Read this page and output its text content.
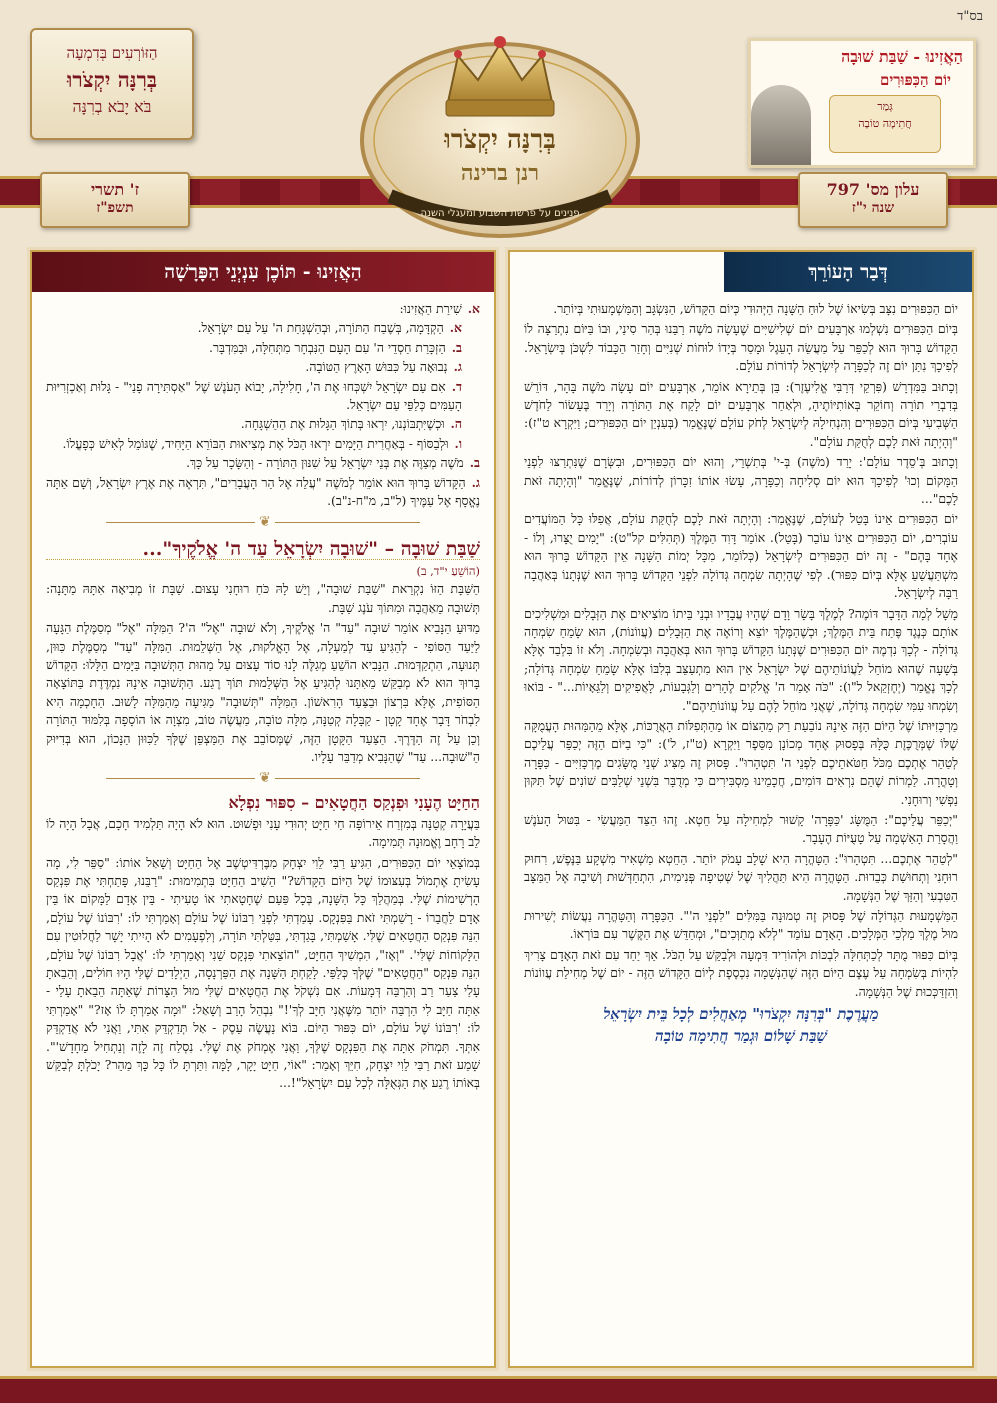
בס"ד
הַזּוֹרְעִים בְּדִמְעָה
בְּרִנָּה יִקְצֹרוּ
בֹּא יָבֹא בְרִנָּה
בְּרִנָּה יִקְצֹרוּ
רנן ברינה
פנינים על פרשת השבוע ומעגלי השנה
הַאֲזִינוּ - שַׁבַּת שׁוּבָה
יוֹם הַכִּפּוּרִים
גְּמַר
חֲתִימָה טוֹבָה
ז' תשרי
תשפ"ז
עלון מס' 797
שנה י"ז
הַאֲזִינוּ - תּוֹכֶן עִנְיְנֵי הַפָּרָשָׁה
א.שִׁירַת הַאֲזִינוּ:
א.הַקְדָּמָה, בְּשֶׁבַח הַתּוֹרָה, וּבְהַשְׁגָּחַת ה' עַל עַם יִשְׂרָאֵל.
ב.הַזְכָּרַת חַסְדֵי ה' עִם הָעָם הַנִּבְחָר מִתְּחִלָּה, וּבַמִּדְבָּר.
ג.נְבוּאָה עַל כִּבּוּשׁ הָאָרֶץ הַטּוֹבָה.
ד.אִם עַם יִשְׂרָאֵל יִשְׁכְּחוּ אֶת ה', חָלִילָה, יָבוֹא הָעֹנֶשׁ שֶׁל "אַסְתִּירָה פָנַי" - גָּלוּת וְאַכְזְרִיּוּת הָעַמִּים כְּלַפֵּי עַם יִשְׂרָאֵל.
ה.וּכְשֶׁיִּתְבּוֹנְנוּ, יִרְאוּ בְּתוֹךְ הַגָּלוּת אֶת הַהַשְׁגָּחָה.
ו.וּלְבַסּוֹף - בְּאַחֲרִית הַיָּמִים יִרְאוּ הַכֹּל אֶת מְצִיאוּת הַבּוֹרֵא הַיָּחִיד, שֶׁגּוֹמֵל לְאִישׁ כְּפָעֳלוֹ.
ב.מֹשֶׁה מְצַוֶּה אֶת בְּנֵי יִשְׂרָאֵל עַל שִׁנּוּן הַתּוֹרָה - וְהַשָּׂכָר עַל כָּךְ.
ג.הַקָּדוֹשׁ בָּרוּךְ הוּא אוֹמֵר לְמֹשֶׁה "עֲלֵה אֶל הַר הָעֲבָרִים", תִּרְאֶה אֶת אֶרֶץ יִשְׂרָאֵל, וְשָׁם אַתָּה נֶאֱסָף אֶל עַמֶּיךָ (ל"ב, מ"ח-נ"ב).
❦
שַׁבַּת שׁוּבָה – "שׁוּבָה יִשְׂרָאֵל עַד ה' אֱלֹקֶיךָ"...
(הוֹשֵׁעַ י"ד, ב)

הַשַּׁבָּת הַזּוֹ נִקְרֵאת "שַׁבַּת שׁוּבָה", וְיֵשׁ לָהּ כֹּחַ רוּחָנִי עָצוּם. שַׁבָּת זוֹ מְבִיאָה אִתָּהּ מַתָּנָה: תְּשׁוּבָה מֵאַהֲבָה וּמִתּוֹךְ עֹנֶג שַׁבָּת.

מַדּוּעַ הַנָּבִיא אוֹמֵר שׁוּבָה "עַד" ה' אֱלֹקֶיךָ, וְלֹא שׁוּבָה "אֶל" ה'? הַמִּלָּה "אֶל" מְסַמֶּלֶת הַגָּעָה לַיַּעַד הַסּוֹפִי - לְהַגִּיעַ עַד לְמַעְלָה, אֶל הָאֱלֹקוּת, אֶל הַשְּׁלֵמוּת. הַמִּלָּה "עַד" מְסַמֶּלֶת כִּוּוּן, תְּנוּעָה, הִתְקַדְּמוּת. הַנָּבִיא הוֹשֵׁעַ מְגַלֶּה לָנוּ סוֹד עָצוּם עַל מַהוּת הַתְּשׁוּבָה בַּיָּמִים הַלָּלוּ: הַקָּדוֹשׁ בָּרוּךְ הוּא לֹא מְבַקֵּשׁ מֵאִתָּנוּ לְהַגִּיעַ אֶל הַשְּׁלֵמוּת תּוֹךְ רֶגַע. הַתְּשׁוּבָה אֵינָהּ נִמְדֶּדֶת בַּתּוֹצָאָה הַסּוֹפִית, אֶלָּא בִּרְצוֹן וּבַצַּעַד הָרִאשׁוֹן. הַמִּלָּה "תְּשׁוּבָה" מַגִּיעָה מֵהַמִּלָּה לָשׁוּב. הַחָכְמָה הִיא לִבְחֹר דָּבָר אֶחָד קָטָן - קַבָּלָה קְטַנָּה, מִלָּה טוֹבָה, מַעֲשֶׂה טוֹב, מִצְוָה אוֹ הוֹסָפָה בְּלִמּוּד הַתּוֹרָה וְכֵן עַל זֶה הַדֶּרֶךְ. הַצַּעַד הַקָּטָן הַזֶּה, שֶׁמְּסוֹבֵב אֶת הַמַּצְפֵּן שֶׁלְּךָ לַכִּוּוּן הַנָּכוֹן, הוּא בְּדִיּוּק הַ"שׁוּבָה... עַד" שֶׁהַנָּבִיא מְדַבֵּר עָלָיו.

❦
הַחַיָּט הֶעָנִי וּפִנְקַס הַחֲטָאִים – סִפּוּר נִפְלָא

בַּעֲיָרָה קְטַנָּה בְּמִזְרַח אֵירוֹפָּה חַי חַיָּט יְהוּדִי עָנִי וּפָשׁוּט. הוּא לֹא הָיָה תַּלְמִיד חָכָם, אֲבָל הָיָה לוֹ לֵב רָחָב וֶאֱמוּנָה תְּמִימָה.

בְּמוֹצָאֵי יוֹם הַכִּפּוּרִים, הִגִּיעַ רַבִּי לֵוִי יִצְחָק מִבֶּרְדִּיטְשֶׁב אֶל הַחַיָּט וְשָׁאַל אוֹתוֹ: "סַפֵּר לִי, מָה עָשִׂיתָ אֶתְמוֹל בְּעִצּוּמוֹ שֶׁל הַיּוֹם הַקָּדוֹשׁ?" הֵשִׁיב הַחַיָּט בִּתְמִימוּת: "רַבֵּנוּ, פָּתַחְתִּי אֶת פִּנְקַס הָרְשִׁימוֹת שֶׁלִּי. בְּמַהֲלַךְ כָּל הַשָּׁנָה, בְּכָל פַּעַם שֶׁחָטָאתִי אוֹ טָעִיתִי - בֵּין אָדָם לַמָּקוֹם אוֹ בֵּין אָדָם לַחֲבֵרוֹ - רָשַׁמְתִּי זֹאת בַּפִּנְקָס. עָמַדְתִּי לִפְנֵי רִבּוֹנוֹ שֶׁל עוֹלָם וְאָמַרְתִּי לוֹ: 'רִבּוֹנוֹ שֶׁל עוֹלָם, הִנֵּה פִּנְקַס הַחֲטָאִים שֶׁלִּי. אָשַׁמְתִּי, בָּגַדְתִּי, בִּטַּלְתִּי תּוֹרָה, וְלִפְעָמִים לֹא הָיִיתִי יָשָׁר לַחֲלוּטִין עִם הַלָּקוֹחוֹת שֶׁלִּי'. "וְאָז", הִמְשִׁיךְ הַחַיָּט, "הוֹצֵאתִי פִּנְקָס שֵׁנִי וְאָמַרְתִּי לוֹ: 'אֲבָל רִבּוֹנוֹ שֶׁל עוֹלָם, הִנֵּה פִּנְקַס "הַחֲטָאִים" שֶׁלְּךָ כְּלַפַּי. לָקַחְתָּ הַשָּׁנָה אֶת הַפַּרְנָסָה, הַיְלָדִים שֶׁלִּי הָיוּ חוֹלִים, וְהֵבֵאתָ עָלַי צַעַר רַב וְהַרְבֵּה דְּמָעוֹת. אִם נִשְׁקֹל אֶת הַחֲטָאִים שֶׁלִּי מוּל הַצָּרוֹת שֶׁאַתָּה הֵבֵאתָ עָלַי - אַתָּה חַיָּב לִי הַרְבֵּה יוֹתֵר מִשֶּׁאֲנִי חַיָּב לְךָ'!" נִבְהַל הָרַב וְשָׁאַל: "וּמָה אָמַרְתָּ לוֹ אָז?" "אָמַרְתִּי לוֹ: 'רִבּוֹנוֹ שֶׁל עוֹלָם, יוֹם כִּפּוּר הַיּוֹם. בּוֹא נַעֲשֶׂה עֵסֶק - אַל תְּדַקְדֵּק אִתִּי, וַאֲנִי לֹא אֲדַקְדֵּק אִתְּךָ. תִּמְחֹק אַתָּה אֶת הַפִּנְקָס שֶׁלְּךָ, וַאֲנִי אֶמְחֹק אֶת שֶׁלִּי. נִסְלַח זֶה לָזֶה וְנַתְחִיל מֵחָדָשׁ'". שָׁמַע זֹאת רַבִּי לֵוִי יִצְחָק, חִיֵּךְ וְאָמַר: "אוֹי, חַיָּט יָקָר, לָמָּה וִתַּרְתָּ לוֹ כָּל כָּךְ מַהֵר? יָכֹלְתָּ לְבַקֵּשׁ בְּאוֹתוֹ רֶגַע אֶת הַגְּאֻלָּה לְכָל עַם יִשְׂרָאֵל"!...

דְּבַר הָעוֹרֵךְ

יוֹם הַכִּפּוּרִים נִצָּב בְּשִׂיאוֹ שֶׁל לוּחַ הַשָּׁנָה הַיְּהוּדִי כְּיוֹם הַקָּדוֹשׁ, הַנִּשְׂגָּב וְהַמַּשְׁמָעוּתִי בְּיוֹתֵר.

בְּיוֹם הַכִּפּוּרִים נִשְׁלְמוּ אַרְבָּעִים יוֹם שְׁלִישִׁיִּים שֶׁעָשָׂה מֹשֶׁה רַבֵּנוּ בְּהַר סִינַי, וּבוֹ בַּיּוֹם נִתְרַצָּה לוֹ הַקָּדוֹשׁ בָּרוּךְ הוּא לְכַפֵּר עַל מַעֲשֵׂה הָעֵגֶל וּמָסַר בְּיָדוֹ לוּחוֹת שְׁנִיִּים וְחָזַר הַכָּבוֹד לִשְׁכֹּן בְּיִשְׂרָאֵל. לְפִיכָךְ נִתַּן יוֹם זֶה לְכַפָּרָה לְיִשְׂרָאֵל לְדוֹרוֹת עוֹלָם.

וְכָתוּב בַּמִּדְרָשׁ (פִּרְקֵי דְּרַבִּי אֱלִיעֶזֶר): בֵּן בְּתֵירָא אוֹמֵר, אַרְבָּעִים יוֹם עָשָׂה מֹשֶׁה בָּהָר, דּוֹרֵשׁ בְּדִבְרֵי תוֹרָה וְחוֹקֵר בְּאוֹתִיּוֹתֶיהָ, וּלְאַחַר אַרְבָּעִים יוֹם לָקַח אֶת הַתּוֹרָה וְיָרַד בֶּעָשׂוֹר לַחֹדֶשׁ הַשְּׁבִיעִי בְּיוֹם הַכִּפּוּרִים וְהִנְחִילָהּ לְיִשְׂרָאֵל לְחֹק עוֹלָם שֶׁנֶּאֱמַר (בְּעִנְיַן יוֹם הַכִּפּוּרִים; וַיִּקְרָא ט"ז): "וְהָיְתָה זֹּאת לָכֶם לְחֻקַּת עוֹלָם".

וְכָתוּב בְּ'סֵדֶר עוֹלָם': יָרַד (מֹשֶׁה) בְּ-י' בְּתִשְׁרֵי, וְהוּא יוֹם הַכִּפּוּרִים, וּבִשְּׂרָם שֶׁנִּתְרַצּוּ לִפְנֵי הַמָּקוֹם וְכוּ' לְפִיכָךְ הוּא יוֹם סְלִיחָה וְכַפָּרָה, עָשׂוּ אוֹתוֹ זִכָּרוֹן לְדוֹרוֹת, שֶׁנֶּאֱמַר "וְהָיְתָה זֹּאת לָכֶם"...

יוֹם הַכִּפּוּרִים אֵינוֹ בָּטֵל לְעוֹלָם, שֶׁנֶּאֱמַר: וְהָיְתָה זֹּאת לָכֶם לְחֻקַּת עוֹלָם, אֲפִלּוּ כָּל הַמּוֹעֲדִים עוֹבְרִים, יוֹם הַכִּפּוּרִים אֵינוֹ עוֹבֵר (בָּטֵל). אוֹמֵר דָּוִד הַמֶּלֶךְ (תְּהִלִּים קל"ט): "יָמִים יֻצָּרוּ, וְלוֹ - אֶחָד בָּהֶם" - זֶה יוֹם הַכִּפּוּרִים לְיִשְׂרָאֵל (כְּלוֹמַר, מִכָּל יְמוֹת הַשָּׁנָה אֵין הַקָּדוֹשׁ בָּרוּךְ הוּא מִשְׁתַּעֲשֵׁעַ אֶלָּא בְּיוֹם כִּפּוּר). לְפִי שֶׁהָיְתָה שִׂמְחָה גְּדוֹלָה לִפְנֵי הַקָּדוֹשׁ בָּרוּךְ הוּא שֶׁנְּתָנוֹ בְּאַהֲבָה רַבָּה לְיִשְׂרָאֵל.

מָשָׁל לְמָה הַדָּבָר דּוֹמֶה? לְמֶלֶךְ בָּשָׂר וָדָם שֶׁהָיוּ עֲבָדָיו וּבְנֵי בֵּיתוֹ מוֹצִיאִים אֶת הַזְּבָלִים וּמַשְׁלִיכִים אוֹתָם כְּנֶגֶד פֶּתַח בֵּית הַמֶּלֶךְ; וּכְשֶׁהַמֶּלֶךְ יוֹצֵא וְרוֹאֶה אֶת הַזְּבָלִים (עֲווֹנוֹת), הוּא שָׂמֵחַ שִׂמְחָה גְּדוֹלָה - לְכָךְ נִדְמֶה יוֹם הַכִּפּוּרִים שֶׁנְּתָנוֹ הַקָּדוֹשׁ בָּרוּךְ הוּא בְּאַהֲבָה וּבְשִׂמְחָה. וְלֹא זוֹ בִּלְבַד אֶלָּא בְּשָׁעָה שֶׁהוּא מוֹחֵל לַעֲוֹנוֹתֵיהֶם שֶׁל יִשְׂרָאֵל אֵין הוּא מִתְעַצֵּב בְּלִבּוֹ אֶלָּא שָׂמֵחַ שִׂמְחָה גְּדוֹלָה; לְכָךְ נֶאֱמַר (יְחֶזְקֵאל ל"ו): "כֹּה אָמַר ה' אֱלֹקִים לֶהָרִים וְלַגְּבָעוֹת, לָאֲפִיקִים וְלַגֵּאָיוֹת..." - בּוֹאוּ וְשִׂמְחוּ עִמִּי שִׂמְחָה גְּדוֹלָה, שֶׁאֲנִי מוֹחֵל לָהֶם עַל עֲווֹנוֹתֵיהֶם".

מַרְכָּזִיּוּתוֹ שֶׁל הַיּוֹם הַזֶּה אֵינָהּ נוֹבַעַת רַק מֵהַצּוֹם אוֹ מֵהַתְּפִלּוֹת הָאֲרֻכּוֹת, אֶלָּא מֵהַמַּהוּת הָעֲמֻקָּה שֶׁלּוֹ שֶׁמְּרֻכֶּזֶת כֻּלָּהּ בְּפָסוּק אֶחָד מְכוֹנָן מִסֵּפֶר וַיִּקְרָא (ט"ז, ל'): "כִּי בַיּוֹם הַזֶּה יְכַפֵּר עֲלֵיכֶם לְטַהֵר אֶתְכֶם מִכֹּל חַטֹּאתֵיכֶם לִפְנֵי ה' תִּטְהָרוּ". פָּסוּק זֶה מַצִּיג שְׁנֵי מֻשָּׂגִים מֶרְכָּזִיִּים - כַּפָּרָה וְטָהֳרָה. לַמְרוֹת שֶׁהֵם נִרְאִים דּוֹמִים, חֲכָמֵינוּ מַסְבִּירִים כִּי מְדֻבָּר בִּשְׁנֵי שְׁלַבִּים שׁוֹנִים שֶׁל תִּקּוּן נַפְשִׁי וְרוּחָנִי.

"יְכַפֵּר עֲלֵיכֶם": הַמֻּשָּׂג 'כַּפָּרָה' קָשׁוּר לִמְחִילָה עַל חֵטְא. זֶהוּ הַצַּד הַמַּעֲשִׂי - בִּטּוּל הָעֹנֶשׁ וַהֲסָרַת הָאַשְׁמָה עַל טָעֻיּוֹת הֶעָבָר.

"לְטַהֵר אֶתְכֶם... תִּטְהָרוּ": הַטָּהֳרָה הִיא שָׁלָב עָמֹק יוֹתֵר. הַחֵטְא מַשְׁאִיר מִשְׁקָע בַּנֶּפֶשׁ, רִחוּק רוּחָנִי וְתְחוּשַׁת כְּבֵדוּת. הַטָּהֳרָה הִיא תַּהֲלִיךְ שֶׁל שְׁטִיפָה פְּנִימִית, הִתְחַדְּשׁוּת וְשִׁיבָה אֶל הַמַּצָּב הַטִּבְעִי וְהַזַּךְ שֶׁל הַנְּשָׁמָה.

הַמַּשְׁמָעוּת הַגְּדוֹלָה שֶׁל פָּסוּק זֶה טְמוּנָה בַּמִּלִּים "לִפְנֵי ה'". הַכַּפָּרָה וְהַטָּהֳרָה נַעֲשׂוֹת יְשִׁירוּת מוּל מֶלֶךְ מַלְכֵי הַמְּלָכִים. הָאָדָם עוֹמֵד "לְלֹא מְתַוְּכִים", וּמְחַדֵּשׁ אֶת הַקֶּשֶׁר עִם בּוֹרְאוֹ.

בְּיוֹם כִּפּוּר מֻתָּר לְכַתְּחִלָּה לִבְכּוֹת וּלְהוֹרִיד דִּמְעָה וּלְבַקֵּשׁ עַל הַכֹּל. אַךְ יַחַד עִם זֹאת הָאָדָם צָרִיךְ לִהְיוֹת בְּשִׂמְחָה עַל עֶצֶם הַיּוֹם הַזֶּה שֶׁהַנְּשָׁמָה נִכְסֶפֶת לְיוֹם הַקָּדוֹשׁ הַזֶּה - יוֹם שֶׁל מְחִילַת עֲווֹנוֹת וְהִזְדַּכְּכוּת שֶׁל הַנְּשָׁמָה.

מַעֲרֶכֶת "בְּרִנָּה יִקְצֹרוּ" מְאַחֲלִים לְכָל בֵּית יִשְׂרָאֵל
שַׁבַּת שָׁלוֹם וּגְמַר חֲתִימָה טוֹבָה
